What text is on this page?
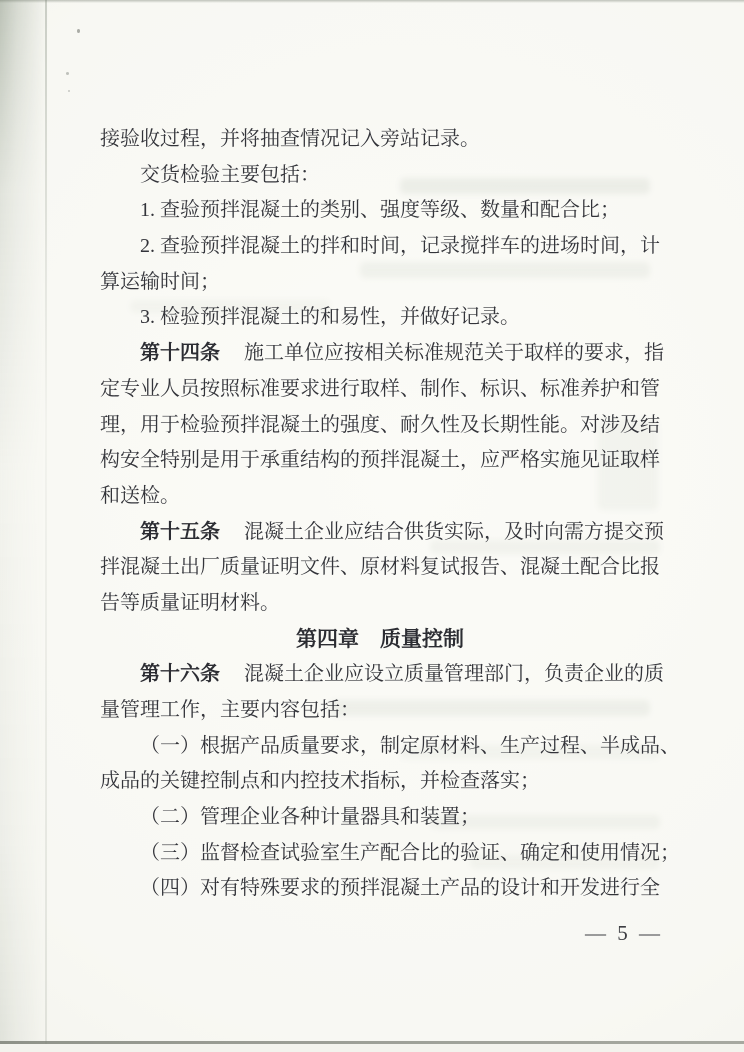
接验收过程，并将抽查情况记入旁站记录。
交货检验主要包括：
1. 查验预拌混凝土的类别、强度等级、数量和配合比；
2. 查验预拌混凝土的拌和时间，记录搅拌车的进场时间，计
算运输时间；
3. 检验预拌混凝土的和易性，并做好记录。
第十四条 施工单位应按相关标准规范关于取样的要求，指
定专业人员按照标准要求进行取样、制作、标识、标准养护和管
理，用于检验预拌混凝土的强度、耐久性及长期性能。对涉及结
构安全特别是用于承重结构的预拌混凝土，应严格实施见证取样
和送检。
第十五条 混凝土企业应结合供货实际，及时向需方提交预
拌混凝土出厂质量证明文件、原材料复试报告、混凝土配合比报
告等质量证明材料。
第四章　质量控制
第十六条 混凝土企业应设立质量管理部门，负责企业的质
量管理工作，主要内容包括：
（一）根据产品质量要求，制定原材料、生产过程、半成品、
成品的关键控制点和内控技术指标，并检查落实；
（二）管理企业各种计量器具和装置；
（三）监督检查试验室生产配合比的验证、确定和使用情况；
（四）对有特殊要求的预拌混凝土产品的设计和开发进行全
— 5 —
